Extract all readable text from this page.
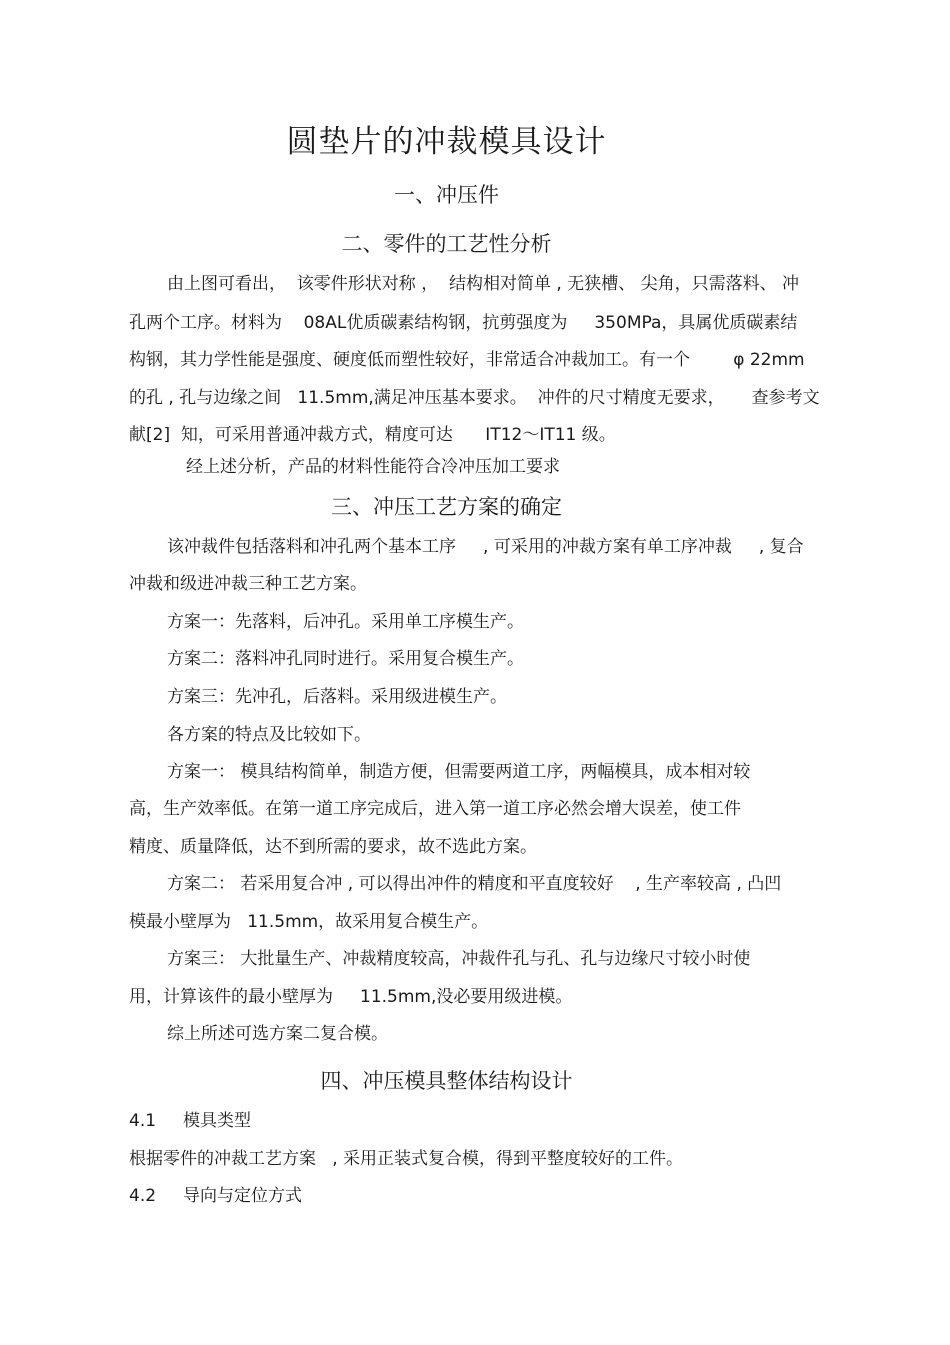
圆垫片的冲裁模具设计
一、冲压件
二、零件的工艺性分析

由上图可看出，  该零件形状对称 ，  结构相对简单 , 无狭槽、 尖角，只需落料、 冲

孔两个工序。材料为    08AL优质碳素结构钢，抗剪强度为     350MPa，具属优质碳素结

构钢，其力学性能是强度、硬度低而塑性较好，非常适合冲裁加工。有一个        φ 22mm

的孔 , 孔与边缘之间   11.5mm,满足冲压基本要求。  冲件的尺寸精度无要求，     查参考文

献[2]  知，可采用普通冲裁方式，精度可达      IT12～IT11 级。

经上述分析，产品的材料性能符合冷冲压加工要求

三、冲压工艺方案的确定

该冲裁件包括落料和冲孔两个基本工序     , 可采用的冲裁方案有单工序冲裁     , 复合

冲裁和级进冲裁三种工艺方案。

方案一：先落料，后冲孔。采用单工序模生产。

方案二：落料冲孔同时进行。采用复合模生产。

方案三：先冲孔，后落料。采用级进模生产。

各方案的特点及比较如下。

方案一： 模具结构简单，制造方便，但需要两道工序，两幅模具，成本相对较

高，生产效率低。在第一道工序完成后，进入第一道工序必然会增大误差，使工件

精度、质量降低，达不到所需的要求，故不选此方案。

方案二： 若采用复合冲 , 可以得出冲件的精度和平直度较好    , 生产率较高 , 凸凹

模最小壁厚为   11.5mm，故采用复合模生产。

方案三： 大批量生产、冲裁精度较高，冲裁件孔与孔、孔与边缘尺寸较小时使

用，计算该件的最小壁厚为     11.5mm,没必要用级进模。

综上所述可选方案二复合模。

四、冲压模具整体结构设计

4.1     模具类型

根据零件的冲裁工艺方案   , 采用正装式复合模，得到平整度较好的工件。

4.2     导向与定位方式
